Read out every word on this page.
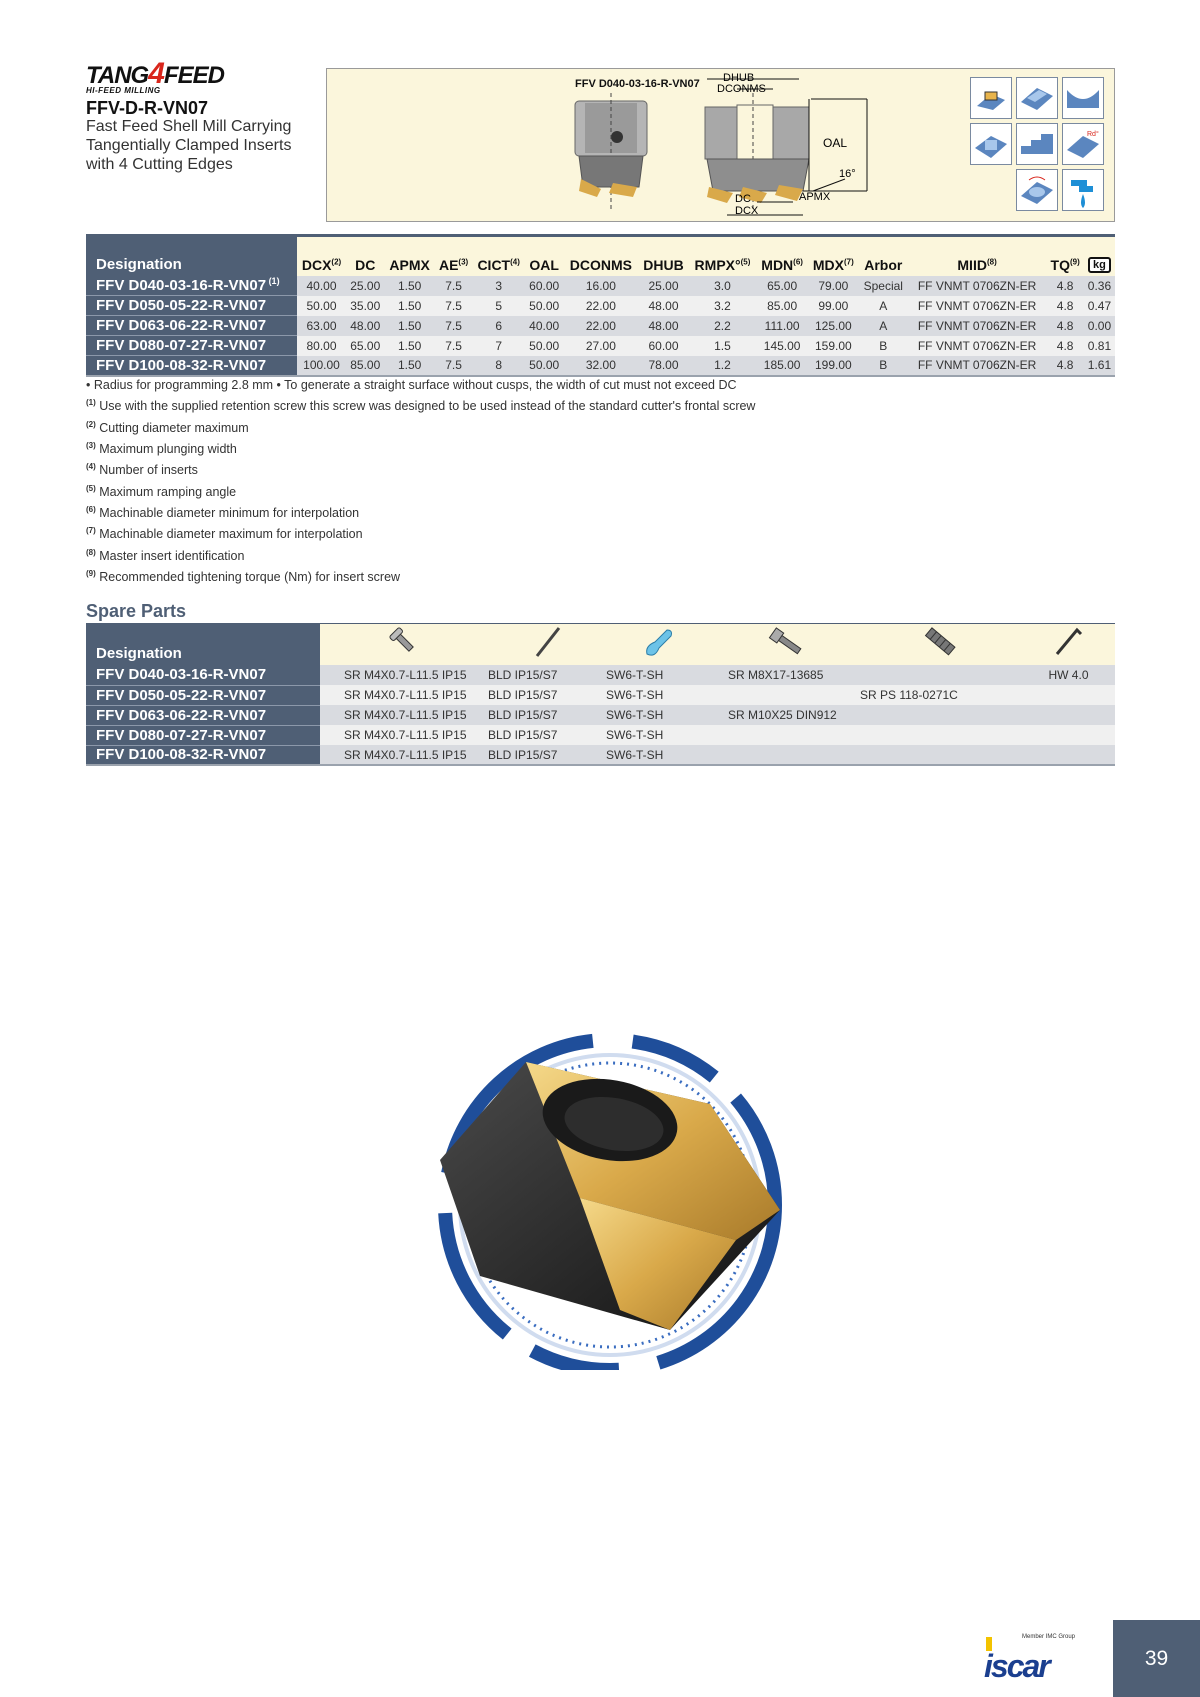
TANG4FEED
HI-FEED MILLING
FFV-D-R-VN07
Fast Feed Shell Mill Carrying Tangentially Clamped Inserts with 4 Cutting Edges
FFV D040-03-16-R-VN07 DHUB
DCONMS
OAL
16°
DC
DCX
APMX
Rd°
Designation	DCX$^{(2)}$	DC	APMX	AE$^{(3)}$	CICT$^{(4)}$	OAL	DCONMS	DHUB	RMPX°$^{(5)}$	MDN$^{(6)}$	MDX$^{(7)}$	Arbor	MIID$^{(8)}$	TQ$^{(9)}$	kg
FFV D040-03-16-R-VN07 $^{(1)}$	40.00	25.00	1.50	7.5	3	60.00	16.00	25.00	3.0	65.00	79.00	Special	FF VNMT 0706ZN-ER	4.8	0.36
FFV D050-05-22-R-VN07	50.00	35.00	1.50	7.5	5	50.00	22.00	48.00	3.2	85.00	99.00	A	FF VNMT 0706ZN-ER	4.8	0.47
FFV D063-06-22-R-VN07	63.00	48.00	1.50	7.5	6	40.00	22.00	48.00	2.2	111.00	125.00	A	FF VNMT 0706ZN-ER	4.8	0.00
FFV D080-07-27-R-VN07	80.00	65.00	1.50	7.5	7	50.00	27.00	60.00	1.5	145.00	159.00	B	FF VNMT 0706ZN-ER	4.8	0.81
FFV D100-08-32-R-VN07	100.00	85.00	1.50	7.5	8	50.00	32.00	78.00	1.2	185.00	199.00	B	FF VNMT 0706ZN-ER	4.8	1.61
• Radius for programming 2.8 mm • To generate a straight surface without cusps, the width of cut must not exceed DC
$^{(1)}$ Use with the supplied retention screw this screw was designed to be used instead of the standard cutter's frontal screw
$^{(2)}$ Cutting diameter maximum
$^{(3)}$ Maximum plunging width
$^{(4)}$ Number of inserts
$^{(5)}$ Maximum ramping angle
$^{(6)}$ Machinable diameter minimum for interpolation
$^{(7)}$ Machinable diameter maximum for interpolation
$^{(8)}$ Master insert identification
$^{(9)}$ Recommended tightening torque (Nm) for insert screw
Spare Parts
Designation						
FFV D040-03-16-R-VN07	SR M4X0.7-L11.5 IP15	BLD IP15/S7	SW6-T-SH	SR M8X17-13685		HW 4.0
FFV D050-05-22-R-VN07	SR M4X0.7-L11.5 IP15	BLD IP15/S7	SW6-T-SH		SR PS 118-0271C	
FFV D063-06-22-R-VN07	SR M4X0.7-L11.5 IP15	BLD IP15/S7	SW6-T-SH	SR M10X25 DIN912		
FFV D080-07-27-R-VN07	SR M4X0.7-L11.5 IP15	BLD IP15/S7	SW6-T-SH			
FFV D100-08-32-R-VN07	SR M4X0.7-L11.5 IP15	BLD IP15/S7	SW6-T-SH			
Member IMC Group
iscar	39
